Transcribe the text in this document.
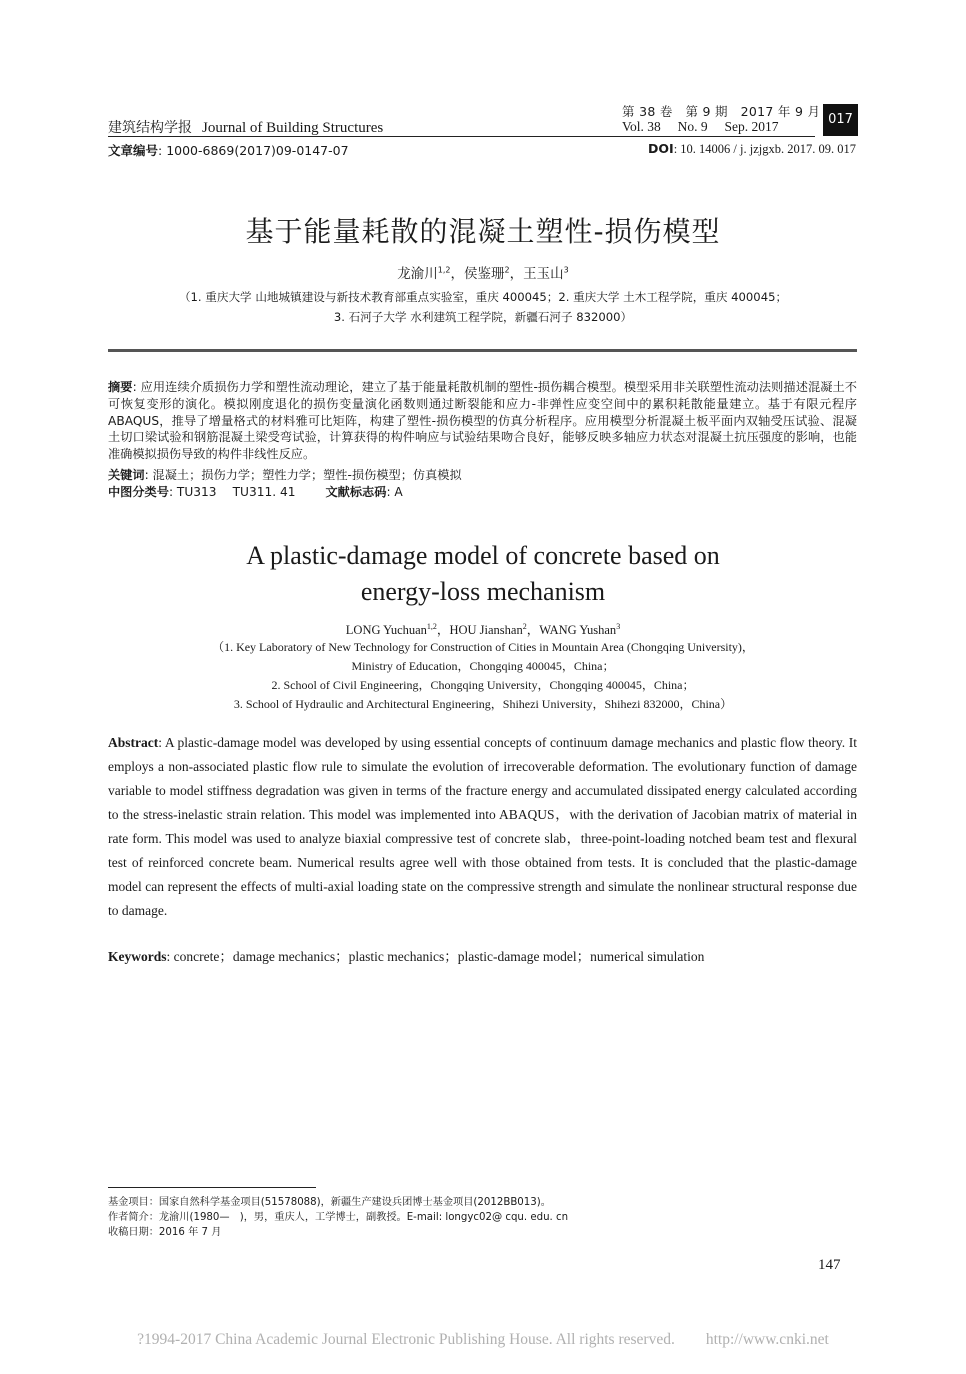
建筑结构学报 Journal of Building Structures
第 38 卷　第 9 期　2017 年 9 月
Vol. 38　 No. 9　 Sep. 2017	017
文章编号: 1000-6869(2017)09-0147-07	DOI: 10. 14006 / j. jzjgxb. 2017. 09. 017
基于能量耗散的混凝土塑性-损伤模型
龙渝川$^{1,2}$，侯鉴珊$^2$，王玉山$^3$
（1. 重庆大学 山地城镇建设与新技术教育部重点实验室，重庆 400045；2. 重庆大学 土木工程学院，重庆 400045；
3. 石河子大学 水利建筑工程学院，新疆石河子 832000）
摘要: 应用连续介质损伤力学和塑性流动理论，建立了基于能量耗散机制的塑性-损伤耦合模型。模型采用非关联塑性流动法则描述混凝土不可恢复变形的演化。模拟刚度退化的损伤变量演化函数则通过断裂能和应力-非弹性应变空间中的累积耗散能量建立。基于有限元程序 ABAQUS，推导了增量格式的材料雅可比矩阵，构建了塑性-损伤模型的仿真分析程序。应用模型分析混凝土板平面内双轴受压试验、混凝土切口梁试验和钢筋混凝土梁受弯试验，计算获得的构件响应与试验结果吻合良好，能够反映多轴应力状态对混凝土抗压强度的影响，也能准确模拟损伤导致的构件非线性反应。
关键词: 混凝土；损伤力学；塑性力学；塑性-损伤模型；仿真模拟
中图分类号: TU313　 TU311. 41 文献标志码: A
A plastic-damage model of concrete based on
energy-loss mechanism
LONG Yuchuan$^{1,2}$，HOU Jianshan$^2$，WANG Yushan$^3$
（1. Key Laboratory of New Technology for Construction of Cities in Mountain Area (Chongqing University)，
Ministry of Education，Chongqing 400045，China；
2. School of Civil Engineering，Chongqing University，Chongqing 400045，China；
3. School of Hydraulic and Architectural Engineering，Shihezi University，Shihezi 832000，China）
Abstract: A plastic-damage model was developed by using essential concepts of continuum damage mechanics and plastic flow theory. It employs a non-associated plastic flow rule to simulate the evolution of irrecoverable deformation. The evolutionary function of damage variable to model stiffness degradation was given in terms of the fracture energy and accumulated dissipated energy calculated according to the stress-inelastic strain relation. This model was implemented into ABAQUS，with the derivation of Jacobian matrix of material in rate form. This model was used to analyze biaxial compressive test of concrete slab，three-point-loading notched beam test and flexural test of reinforced concrete beam. Numerical results agree well with those obtained from tests. It is concluded that the plastic-damage model can represent the effects of multi-axial loading state on the compressive strength and simulate the nonlinear structural response due to damage.
Keywords: concrete；damage mechanics；plastic mechanics；plastic-damage model；numerical simulation
基金项目：国家自然科学基金项目(51578088)，新疆生产建设兵团博士基金项目(2012BB013)。
作者简介：龙渝川(1980—　)，男，重庆人，工学博士，副教授。E-mail: longyc02@ cqu. edu. cn
收稿日期：2016 年 7 月
147
?1994-2017 China Academic Journal Electronic Publishing House. All rights reserved.　　http://www.cnki.net
